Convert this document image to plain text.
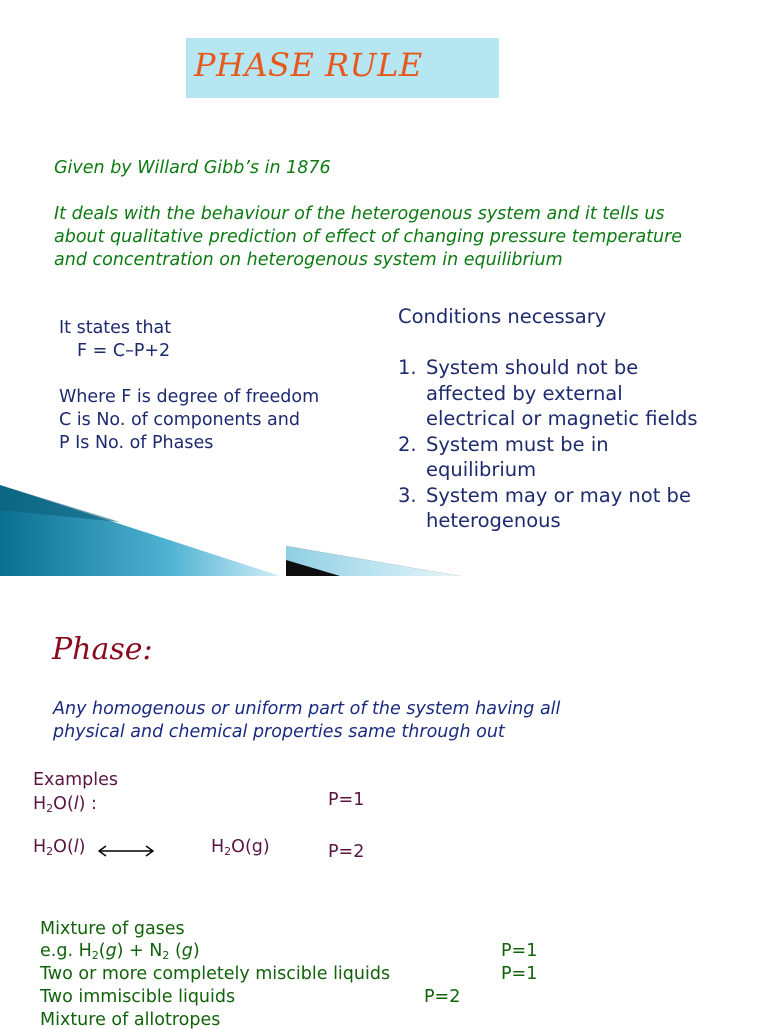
PHASE RULE
Given by Willard Gibb’s in 1876
It deals with the behaviour of the heterogenous system and it tells us
about qualitative prediction of effect of changing pressure temperature
and concentration on heterogenous system in equilibrium
It states that
F = C–P+2
Where F is degree of freedom
C is No. of components and
P Is No. of Phases
Conditions necessary
1. System should not be
affected by external
electrical or magnetic fields
2. System must be in
equilibrium
3. System may or may not be
heterogenous
Phase:
Any homogenous or uniform part of the system having all
physical and chemical properties same through out
Examples
$H_2O(l)$ :	P=1
$H_2O(l)$	$H_2O(g)$	P=2
Mixture of gases
e.g. $H_2(g) + N_2$ (g)	P=1
Two or more completely miscible liquids	P=1
Two immiscible liquids	P=2
Mixture of allotropes
